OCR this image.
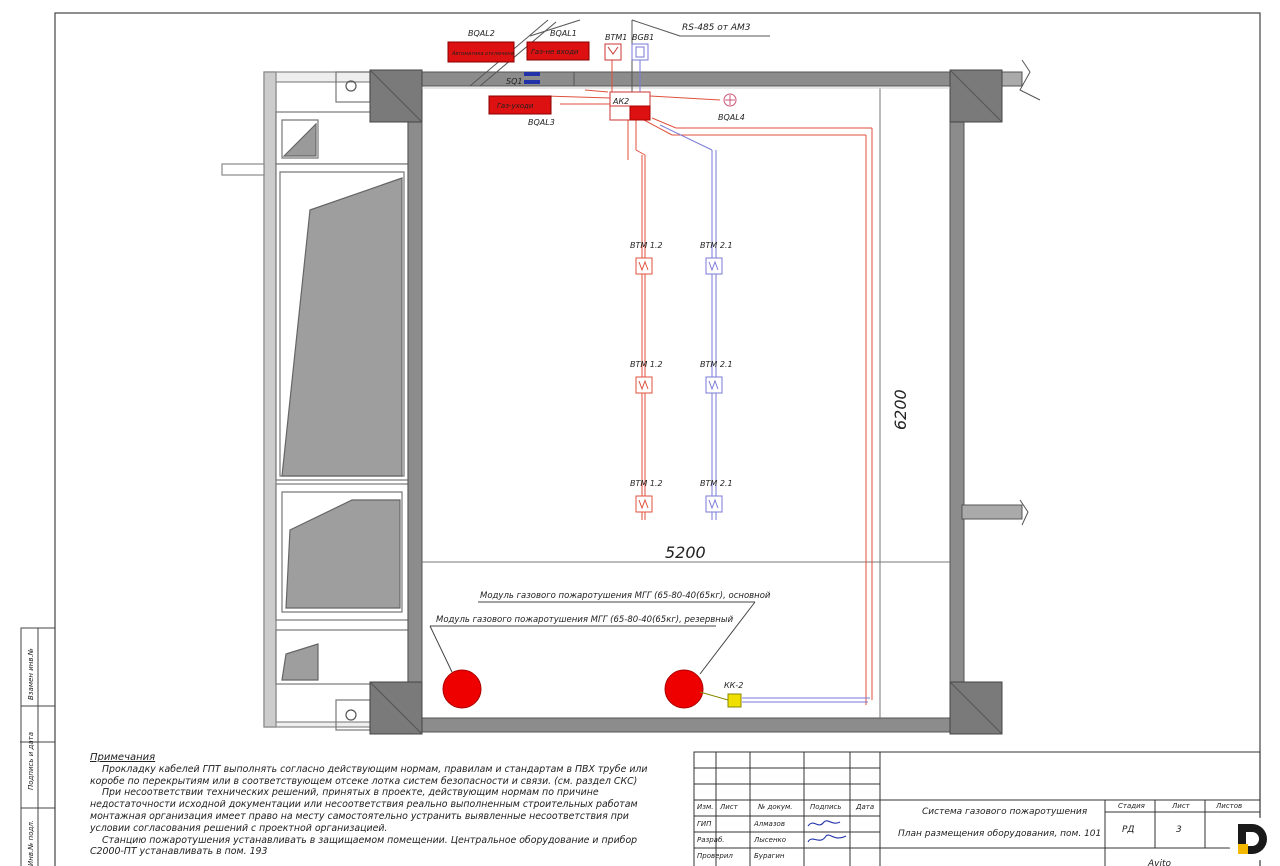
Инв.№ подл.
Подпись и дата
Взамен инв.№
5200
6200
RS-485 от АМ3
АК2
BTM1 BGB1
Автоматика отключена Газ-не входи
Газ-уходи
BQAL2	BQAL1
BQAL3
SQ1
BQAL4
BTM 1.2	BTM 2.1
BTM 1.2	BTM 2.1
BTM 1.2	BTM 2.1
Модуль газового пожаротушения МГГ (65-80-40(65кг), основной
Модуль газового пожаротушения МГГ (65-80-40(65кг), резервный
КК-2
Изм. Лист	№ докум. Подпись Дата
ГИП	Алмазов
Разраб.	Лысенко
Проверил	Бурагин
Система газового пожаротушения
План размещения оборудования, пом. 101
Стадия	Лист	Листов
РД	3
Avito

Примечания

Прокладку кабелей ГПТ выполнять согласно действующим нормам, правилам и стандартам в ПВХ трубе или коробе по перекрытиям или в соответствующем отсеке лотка систем безопасности и связи. (см. раздел СКС)

При несоответствии технических решений, принятых в проекте, действующим нормам по причине недостаточности исходной документации или несоответствия реально выполненным строительных работам монтажная организация имеет право на месту самостоятельно устранить выявленные несоответствия при условии согласования решений с проектной организацией.

Станцию пожаротушения устанавливать в защищаемом помещении. Центральное оборудование и прибор С2000-ПТ устанавливать в пом. 193
